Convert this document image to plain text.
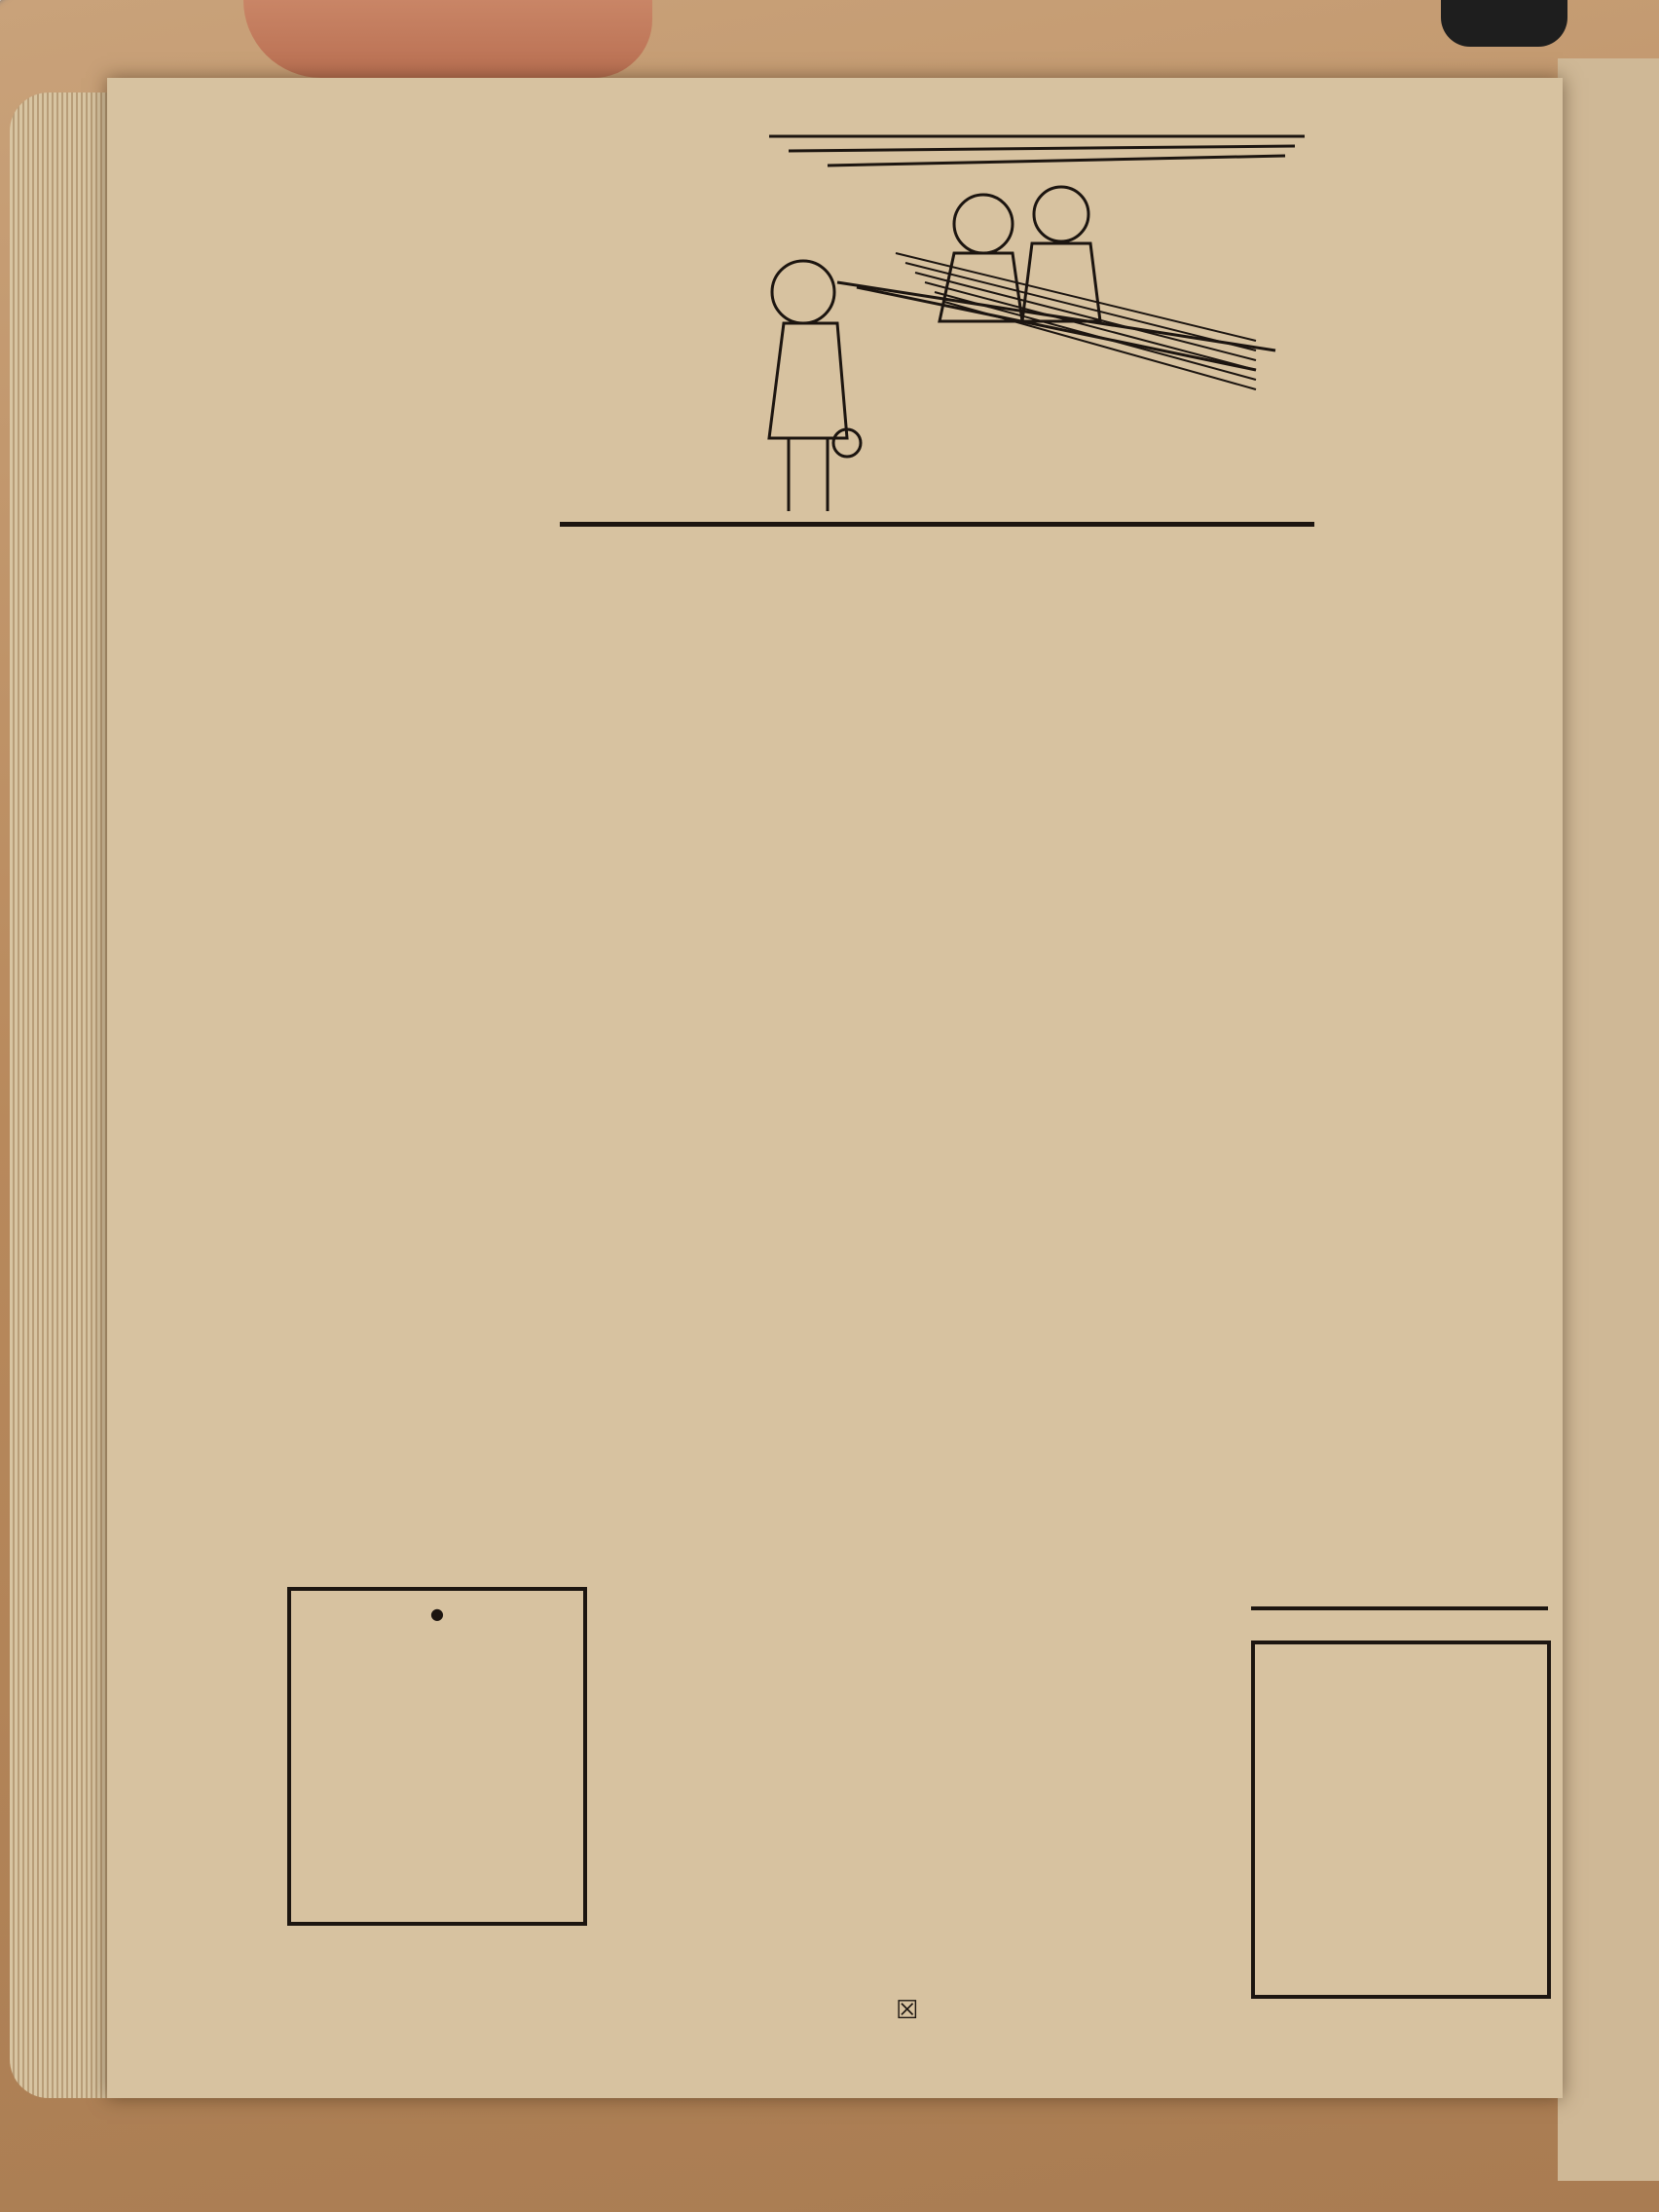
●
☒
